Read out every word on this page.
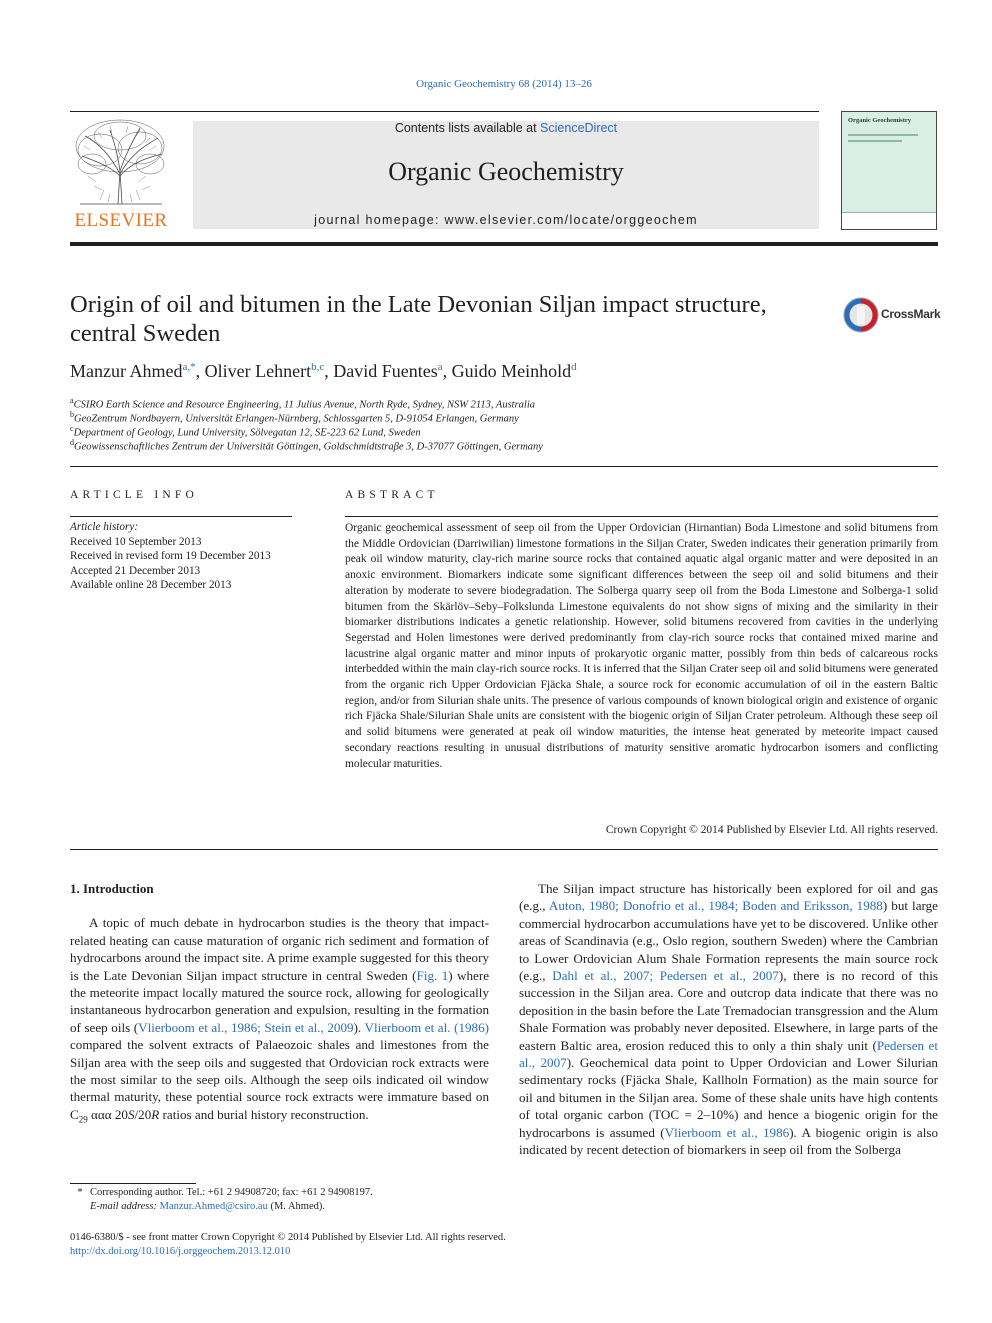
Organic Geochemistry 68 (2014) 13–26
ELSEVIER
Contents lists available at ScienceDirect
Organic Geochemistry
journal homepage: www.elsevier.com/locate/orggeochem
Organic Geochemistry
Origin of oil and bitumen in the Late Devonian Siljan impact structure, central Sweden
CrossMark
Manzur Ahmed$^{a,*}$, Oliver Lehnert$^{b,c}$, David Fuentes$^a$, Guido Meinhold$^d$
$^a$CSIRO Earth Science and Resource Engineering, 11 Julius Avenue, North Ryde, Sydney, NSW 2113, Australia
$^b$GeoZentrum Nordbayern, Universität Erlangen-Nürnberg, Schlossgarten 5, D-91054 Erlangen, Germany
$^c$Department of Geology, Lund University, Sölvegatan 12, SE-223 62 Lund, Sweden
$^d$Geowissenschaftliches Zentrum der Universität Göttingen, Goldschmidtstraβe 3, D-37077 Göttingen, Germany
ARTICLE INFO
Article history:
Received 10 September 2013
Received in revised form 19 December 2013
Accepted 21 December 2013
Available online 28 December 2013
ABSTRACT
Organic geochemical assessment of seep oil from the Upper Ordovician (Hirnantian) Boda Limestone and solid bitumens from the Middle Ordovician (Darriwilian) limestone formations in the Siljan Crater, Sweden indicates their generation primarily from peak oil window maturity, clay-rich marine source rocks that contained aquatic algal organic matter and were deposited in an anoxic environment. Biomarkers indicate some significant differences between the seep oil and solid bitumens and their alteration by moderate to severe biodegradation. The Solberga quarry seep oil from the Boda Limestone and Solberga-1 solid bitumen from the Skärlöv–Seby–Folkslunda Limestone equivalents do not show signs of mixing and the similarity in their biomarker distributions indicates a genetic relationship. However, solid bitumens recovered from cavities in the underlying Segerstad and Holen limestones were derived predominantly from clay-rich source rocks that contained mixed marine and lacustrine algal organic matter and minor inputs of prokaryotic organic matter, possibly from thin beds of calcareous rocks interbedded within the main clay-rich source rocks. It is inferred that the Siljan Crater seep oil and solid bitumens were generated from the organic rich Upper Ordovician Fjäcka Shale, a source rock for economic accumulation of oil in the eastern Baltic region, and/or from Silurian shale units. The presence of various compounds of known biological origin and existence of organic rich Fjäcka Shale/Silurian Shale units are consistent with the biogenic origin of Siljan Crater petroleum. Although these seep oil and solid bitumens were generated at peak oil window maturities, the intense heat generated by meteorite impact caused secondary reactions resulting in unusual distributions of maturity sensitive aromatic hydrocarbon isomers and conflicting molecular maturities.
Crown Copyright © 2014 Published by Elsevier Ltd. All rights reserved.

1. Introduction

A topic of much debate in hydrocarbon studies is the theory that impact-related heating can cause maturation of organic rich sediment and formation of hydrocarbons around the impact site. A prime example suggested for this theory is the Late Devonian Siljan impact structure in central Sweden (Fig. 1) where the meteorite impact locally matured the source rock, allowing for geologically instantaneous hydrocarbon generation and expulsion, resulting in the formation of seep oils (Vlierboom et al., 1986; Stein et al., 2009). Vlierboom et al. (1986) compared the solvent extracts of Palaeozoic shales and limestones from the Siljan area with the seep oils and suggested that Ordovician rock extracts were the most similar to the seep oils. Although the seep oils indicated oil window thermal maturity, these potential source rock extracts were immature based on $C_{29}$ ααα 20S/20R ratios and burial history reconstruction.

The Siljan impact structure has historically been explored for oil and gas (e.g., Auton, 1980; Donofrio et al., 1984; Boden and Eriksson, 1988) but large commercial hydrocarbon accumulations have yet to be discovered. Unlike other areas of Scandinavia (e.g., Oslo region, southern Sweden) where the Cambrian to Lower Ordovician Alum Shale Formation represents the main source rock (e.g., Dahl et al., 2007; Pedersen et al., 2007), there is no record of this succession in the Siljan area. Core and outcrop data indicate that there was no deposition in the basin before the Late Tremadocian transgression and the Alum Shale Formation was probably never deposited. Elsewhere, in large parts of the eastern Baltic area, erosion reduced this to only a thin shaly unit (Pedersen et al., 2007). Geochemical data point to Upper Ordovician and Lower Silurian sedimentary rocks (Fjäcka Shale, Kallholn Formation) as the main source for oil and bitumen in the Siljan area. Some of these shale units have high contents of total organic carbon (TOC = 2–10%) and hence a biogenic origin for the hydrocarbons is assumed (Vlierboom et al., 1986). A biogenic origin is also indicated by recent detection of biomarkers in seep oil from the Solberga

* Corresponding author. Tel.: +61 2 94908720; fax: +61 2 94908197.
E-mail address: Manzur.Ahmed@csiro.au (M. Ahmed).
0146-6380/$ - see front matter Crown Copyright © 2014 Published by Elsevier Ltd. All rights reserved.
http://dx.doi.org/10.1016/j.orggeochem.2013.12.010
